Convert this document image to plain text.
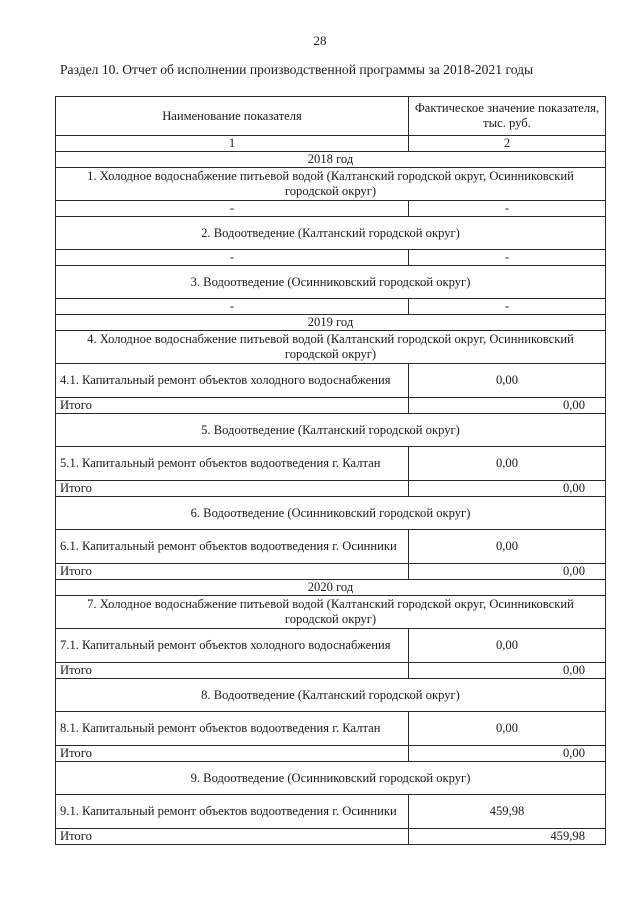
28
Раздел 10. Отчет об исполнении производственной программы за 2018-2021 годы
Наименование показателя	Фактическое значение показателя, тыс. руб.
1	2
2018 год	
1. Холодное водоснабжение питьевой водой (Калтанский городской округ, Осинниковский городской округ)	
-	-
2. Водоотведение (Калтанский городской округ)	
-	-
3. Водоотведение (Осинниковский городской округ)	
-	-
2019 год	
4. Холодное водоснабжение питьевой водой (Калтанский городской округ, Осинниковский городской округ)	
4.1. Капитальный ремонт объектов холодного водоснабжения	0,00
Итого	0,00
5. Водоотведение (Калтанский городской округ)	
5.1. Капитальный ремонт объектов водоотведения г. Калтан	0,00
Итого	0,00
6. Водоотведение (Осинниковский городской округ)	
6.1. Капитальный ремонт объектов водоотведения г. Осинники	0,00
Итого	0,00
2020 год	
7. Холодное водоснабжение питьевой водой (Калтанский городской округ, Осинниковский городской округ)	
7.1. Капитальный ремонт объектов холодного водоснабжения	0,00
Итого	0,00
8. Водоотведение (Калтанский городской округ)	
8.1. Капитальный ремонт объектов водоотведения г. Калтан	0,00
Итого	0,00
9. Водоотведение (Осинниковский городской округ)	
9.1. Капитальный ремонт объектов водоотведения г. Осинники	459,98
Итого	459,98
